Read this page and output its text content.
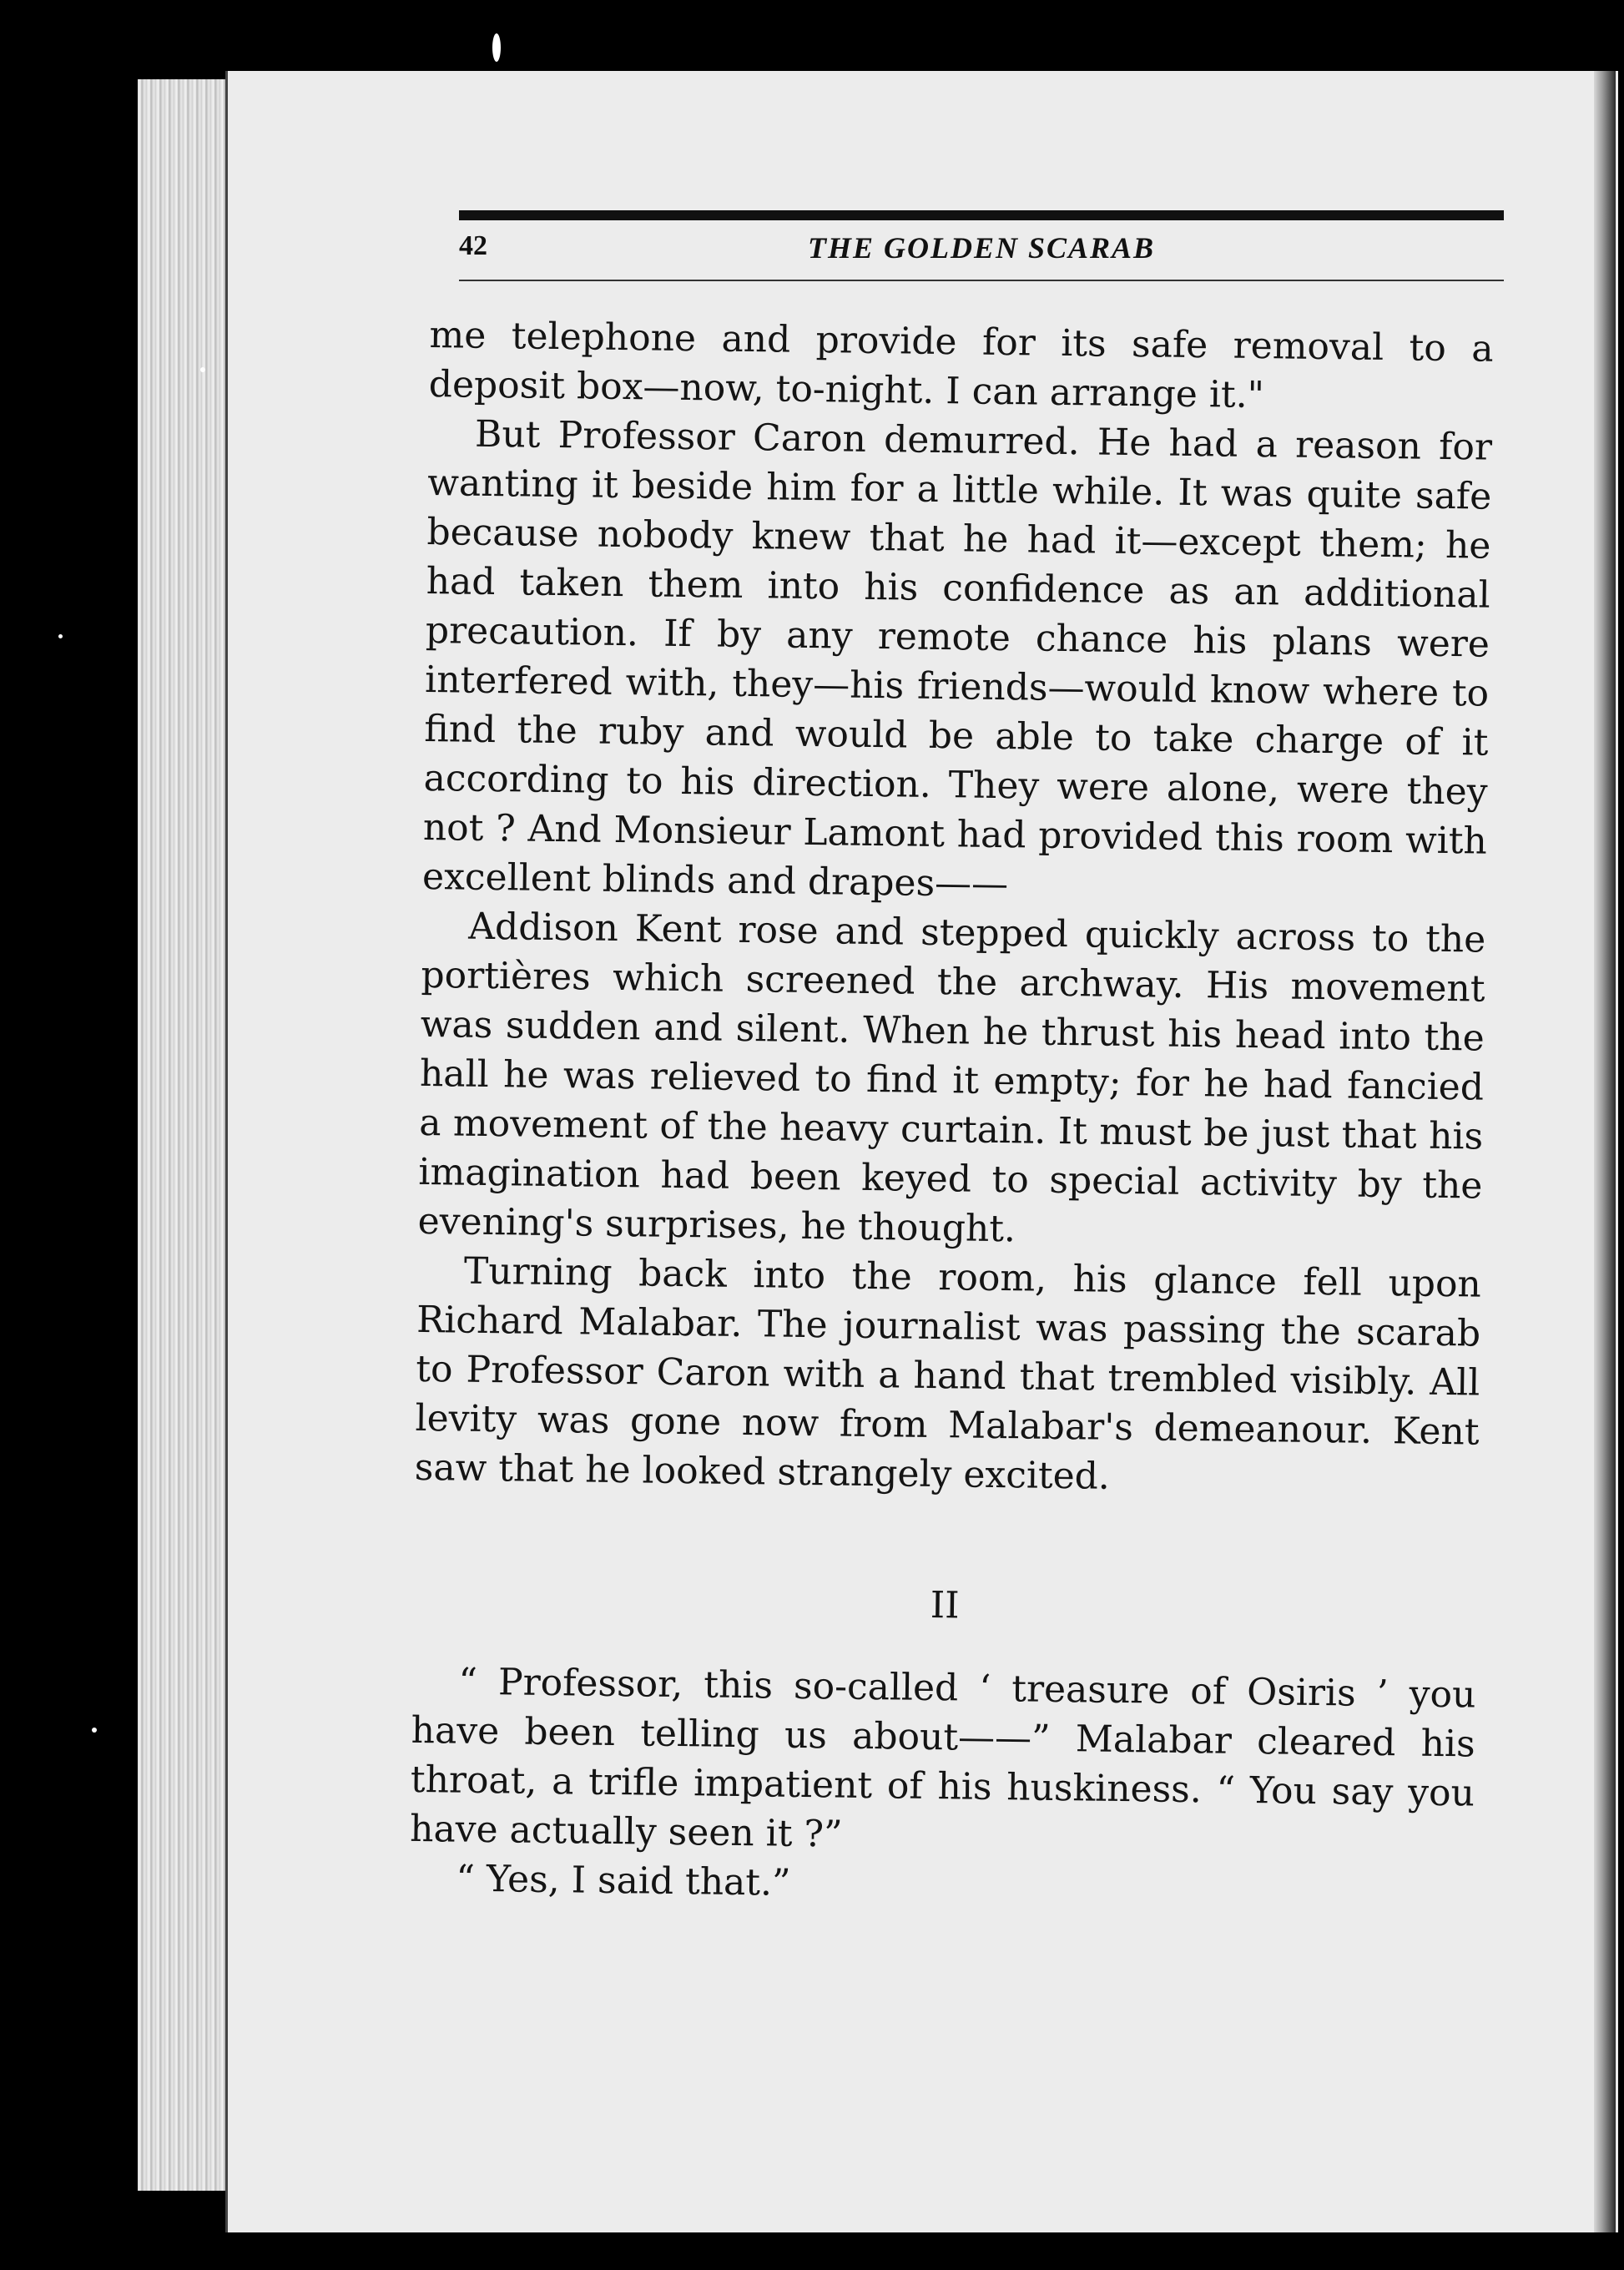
42	THE GOLDEN SCARAB

me telephone and provide for its safe removal to a deposit box—now, to-night. I can arrange it."

But Professor Caron demurred. He had a reason for wanting it beside him for a little while. It was quite safe because nobody knew that he had it—except them; he had taken them into his confidence as an additional precaution. If by any remote chance his plans were interfered with, they—his friends—would know where to find the ruby and would be able to take charge of it according to his direction. They were alone, were they not ? And Monsieur Lamont had provided this room with excellent blinds and drapes——

Addison Kent rose and stepped quickly across to the portières which screened the archway. His movement was sudden and silent. When he thrust his head into the hall he was relieved to find it empty; for he had fancied a movement of the heavy curtain. It must be just that his imagination had been keyed to special activity by the evening's surprises, he thought.

Turning back into the room, his glance fell upon Richard Malabar. The journalist was passing the scarab to Professor Caron with a hand that trembled visibly. All levity was gone now from Malabar's demeanour. Kent saw that he looked strangely excited.

II

“ Professor, this so-called ‘ treasure of Osiris ’ you have been telling us about——” Malabar cleared his throat, a trifle impatient of his huskiness. “ You say you have actually seen it ?”

“ Yes, I said that.”
